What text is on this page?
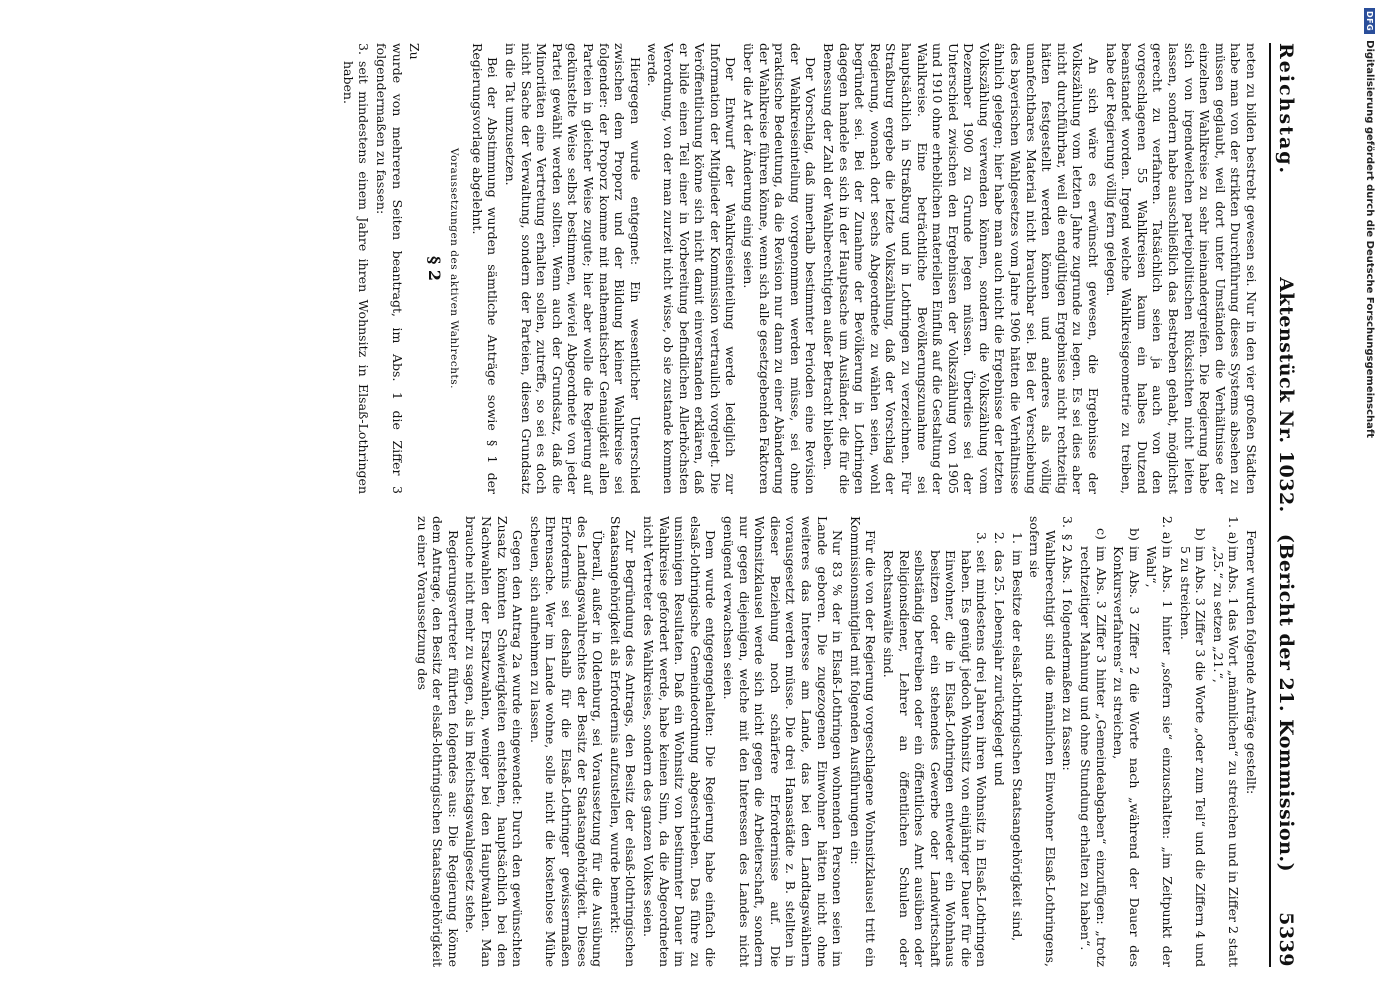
Reichstag.
Aktenstück Nr. 1032.
(Bericht der 21. Kommission.)
5339

neten zu bilden bestrebt gewesen sei. Nur in den vier großen Städten habe man von der strikten Durchführung dieses Systems absehen zu müssen geglaubt, weil dort unter Umständen die Verhältnisse der einzelnen Wahlkreise zu sehr ineinandergreifen. Die Regierung habe sich von irgendwelchen parteipolitischen Rücksichten nicht leiten lassen, sondern habe ausschließlich das Bestreben gehabt, möglichst gerecht zu verfahren. Tatsächlich seien ja auch von den vorgeschlagenen 55 Wahlkreisen kaum ein halbes Dutzend beanstandet worden. Irgend welche Wahlkreisgeometrie zu treiben, habe der Regierung völlig fern gelegen.

An sich wäre es erwünscht gewesen, die Ergebnisse der Volkszählung vom letzten Jahre zugrunde zu legen. Es sei dies aber nicht durchführbar, weil die endgültigen Ergebnisse nicht rechtzeitig hätten festgestellt werden können und anderes als völlig unanfechtbares Material nicht brauchbar sei. Bei der Verschiebung des bayerischen Wahlgesetzes vom Jahre 1906 hätten die Verhältnisse ähnlich gelegen; hier habe man auch nicht die Ergebnisse der letzten Volkszählung verwenden können, sondern die Volkszählung vom Dezember 1900 zu Grunde legen müssen. Überdies sei der Unterschied zwischen den Ergebnissen der Volkszählung von 1905 und 1910 ohne erheblichen materiellen Einfluß auf die Gestaltung der Wahlkreise. Eine beträchtliche Bevölkerungszunahme sei hauptsächlich in Straßburg und in Lothringen zu verzeichnen. Für Straßburg ergebe die letzte Volkszählung, daß der Vorschlag der Regierung, wonach dort sechs Abgeordnete zu wählen seien, wohl begründet sei. Bei der Zunahme der Bevölkerung in Lothringen dagegen handele es sich in der Hauptsache um Ausländer, die für die Bemessung der Zahl der Wahlberechtigten außer Betracht blieben.

Der Vorschlag, daß innerhalb bestimmter Perioden eine Revision der Wahlkreiseinteilung vorgenommen werden müsse, sei ohne praktische Bedeutung, da die Revision nur dann zu einer Abänderung der Wahlkreise führen könne, wenn sich alle gesetzgebenden Faktoren über die Art der Änderung einig seien.

Der Entwurf der Wahlkreiseinteilung werde lediglich zur Information der Mitglieder der Kommission vertraulich vorgelegt. Die Veröffentlichung könne sich nicht damit einverstanden erklären, daß er bilde einen Teil einer in Vorbereitung befindlichen Allerhöchsten Verordnung, von der man zurzeit nicht wisse, ob sie zustande kommen werde.

Hiergegen wurde entgegnet: Ein wesentlicher Unterschied zwischen dem Proporz und der Bildung kleiner Wahlkreise sei folgender: der Proporz komme mit mathematischer Genauigkeit allen Parteien in gleicher Weise zugute; hier aber wolle die Regierung auf gekünstelte Weise selbst bestimmen, wieviel Abgeordnete von jeder Partei gewählt werden sollten. Wenn auch der Grundsatz, daß die Minoritäten eine Vertretung erhalten sollen, zutreffe, so sei es doch nicht Sache der Verwaltung, sondern der Parteien, diesen Grundsatz in die Tat umzusetzen.

Bei der Abstimmung wurden sämtliche Anträge sowie § 1 der Regierungsvorlage abgelehnt.

Voraussetzungen des aktiven Wahlrechts.

§ 2

Zu

wurde von mehreren Seiten beantragt, im Abs. 1 die Ziffer 3 folgendermaßen zu fassen:

3.
seit mindestens einem Jahre ihren Wohnsitz in Elsaß-Lothringen haben.

Ferner wurden folgende Anträge gestellt:

1. a)
im Abs. 1 das Wort „männlichen“ zu streichen und in Ziffer 2 statt „25.“ zu setzen „21.“,

b)
im Abs. 3 Ziffer 3 die Worte „oder zum Teil“ und die Ziffern 4 und 5 zu streichen.

2. a)
in Abs. 1 hinter „sofern sie“ einzuschalten: „im Zeitpunkt der Wahl“,

b)
im Abs. 3 Ziffer 2 die Worte nach „während der Dauer des Konkursverfahrens“ zu streichen,

c)
im Abs. 3 Ziffer 3 hinter „Gemeindeabgaben“ einzufügen: „trotz rechtzeitiger Mahnung und ohne Stundung erhalten zu haben“.

3.
§ 2 Abs. 1 folgendermaßen zu fassen:

Wahlberechtigt sind die männlichen Einwohner Elsaß-Lothringens, sofern sie

1.
im Besitze der elsaß-lothringischen Staatsangehörigkeit sind,

2.
das 25. Lebensjahr zurückgelegt und

3.
seit mindestens drei Jahren ihren Wohnsitz in Elsaß-Lothringen haben. Es genügt jedoch Wohnsitz von einjähriger Dauer für die Einwohner, die in Elsaß-Lothringen entweder ein Wohnhaus besitzen oder ein stehendes Gewerbe oder Landwirtschaft selbständig betreiben oder ein öffentliches Amt ausüben oder Religionsdiener, Lehrer an öffentlichen Schulen oder Rechtsanwälte sind.

Für die von der Regierung vorgeschlagene Wohnsitzklausel tritt ein Kommissionsmitglied mit folgenden Ausführungen ein:

Nur 83 % der in Elsaß-Lothringen wohnenden Personen seien im Lande geboren. Die zugezogenen Einwohner hätten nicht ohne weiteres das Interesse am Lande, das bei den Landtagswählern vorausgesetzt werden müsse. Die drei Hansastädte z. B. stellten in dieser Beziehung noch schärfere Erfordernisse auf. Die Wohnsitzklausel werde sich nicht gegen die Arbeiterschaft, sondern nur gegen diejenigen, welche mit den Interessen des Landes nicht genügend verwachsen seien.

Dem wurde entgegengehalten: Die Regierung habe einfach die elsaß-lothringische Gemeindeordnung abgeschrieben. Das führe zu unsinnigen Resultaten. Daß ein Wohnsitz von bestimmter Dauer im Wahlkreise gefordert werde, habe keinen Sinn, da die Abgeordneten nicht Vertreter des Wahlkreises, sondern des ganzen Volkes seien.

Zur Begründung des Antrags, den Besitz der elsaß-lothringischen Staatsangehörigkeit als Erfordernis aufzustellen, wurde bemerkt:

Überall, außer in Oldenburg, sei Voraussetzung für die Ausübung des Landtagswahlrechtes der Besitz der Staatsangehörigkeit. Dieses Erfordernis sei deshalb für die Elsaß-Lothringer gewissermaßen Ehrensache. Wer im Lande wohne, solle nicht die kostenlose Mühe scheuen, sich aufnehmen zu lassen.

Gegen den Antrag 2a wurde eingewendet: Durch den gewünschten Zusatz könnten Schwierigkeiten entstehen, hauptsächlich bei den Nachwahlen der Ersatzwahlen, weniger bei den Hauptwahlen. Man brauche nicht mehr zu sagen, als im Reichstagswahlgesetz stehe.

Regierungsvertreter führten folgendes aus: Die Regierung könne dem Antrage, den Besitz der elsaß-lothringischen Staatsangehörigkeit zu einer Voraussetzung des

DFG
Digitalisierung gefördert durch die Deutsche Forschungsgemeinschaft
